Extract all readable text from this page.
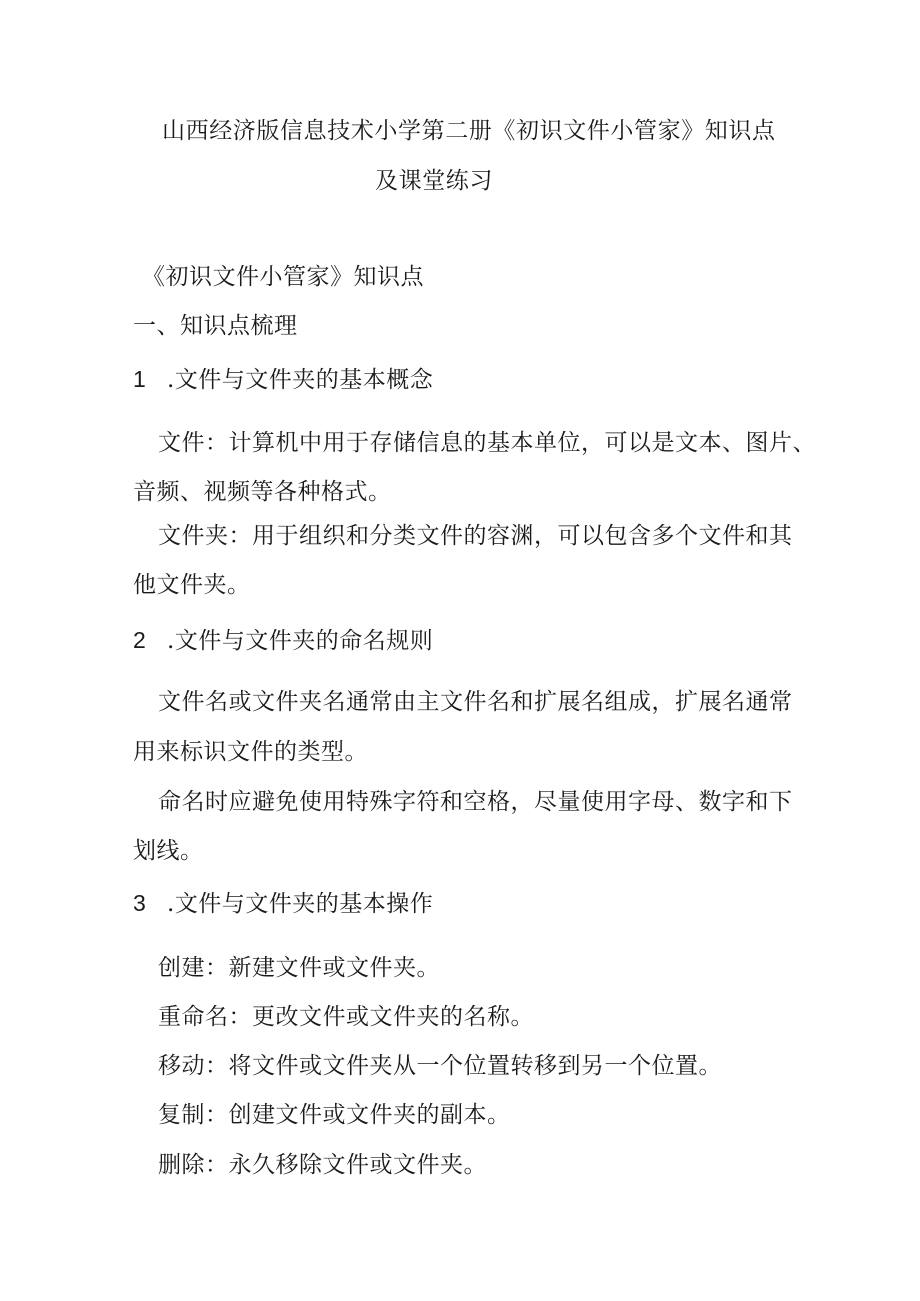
山西经济版信息技术小学第二册《初识文件小管家》知识点
及课堂练习
《初识文件小管家》知识点
一、知识点梳理
1 .文件与文件夹的基本概念
文件：计算机中用于存储信息的基本单位，可以是文本、图片、
音频、视频等各种格式。
文件夹：用于组织和分类文件的容渊，可以包含多个文件和其
他文件夹。
2 .文件与文件夹的命名规则
文件名或文件夹名通常由主文件名和扩展名组成，扩展名通常
用来标识文件的类型。
命名时应避免使用特殊字符和空格，尽量使用字母、数字和下
划线。
3 .文件与文件夹的基本操作
创建：新建文件或文件夹。
重命名：更改文件或文件夹的名称。
移动：将文件或文件夹从一个位置转移到另一个位置。
复制：创建文件或文件夹的副本。
删除：永久移除文件或文件夹。
